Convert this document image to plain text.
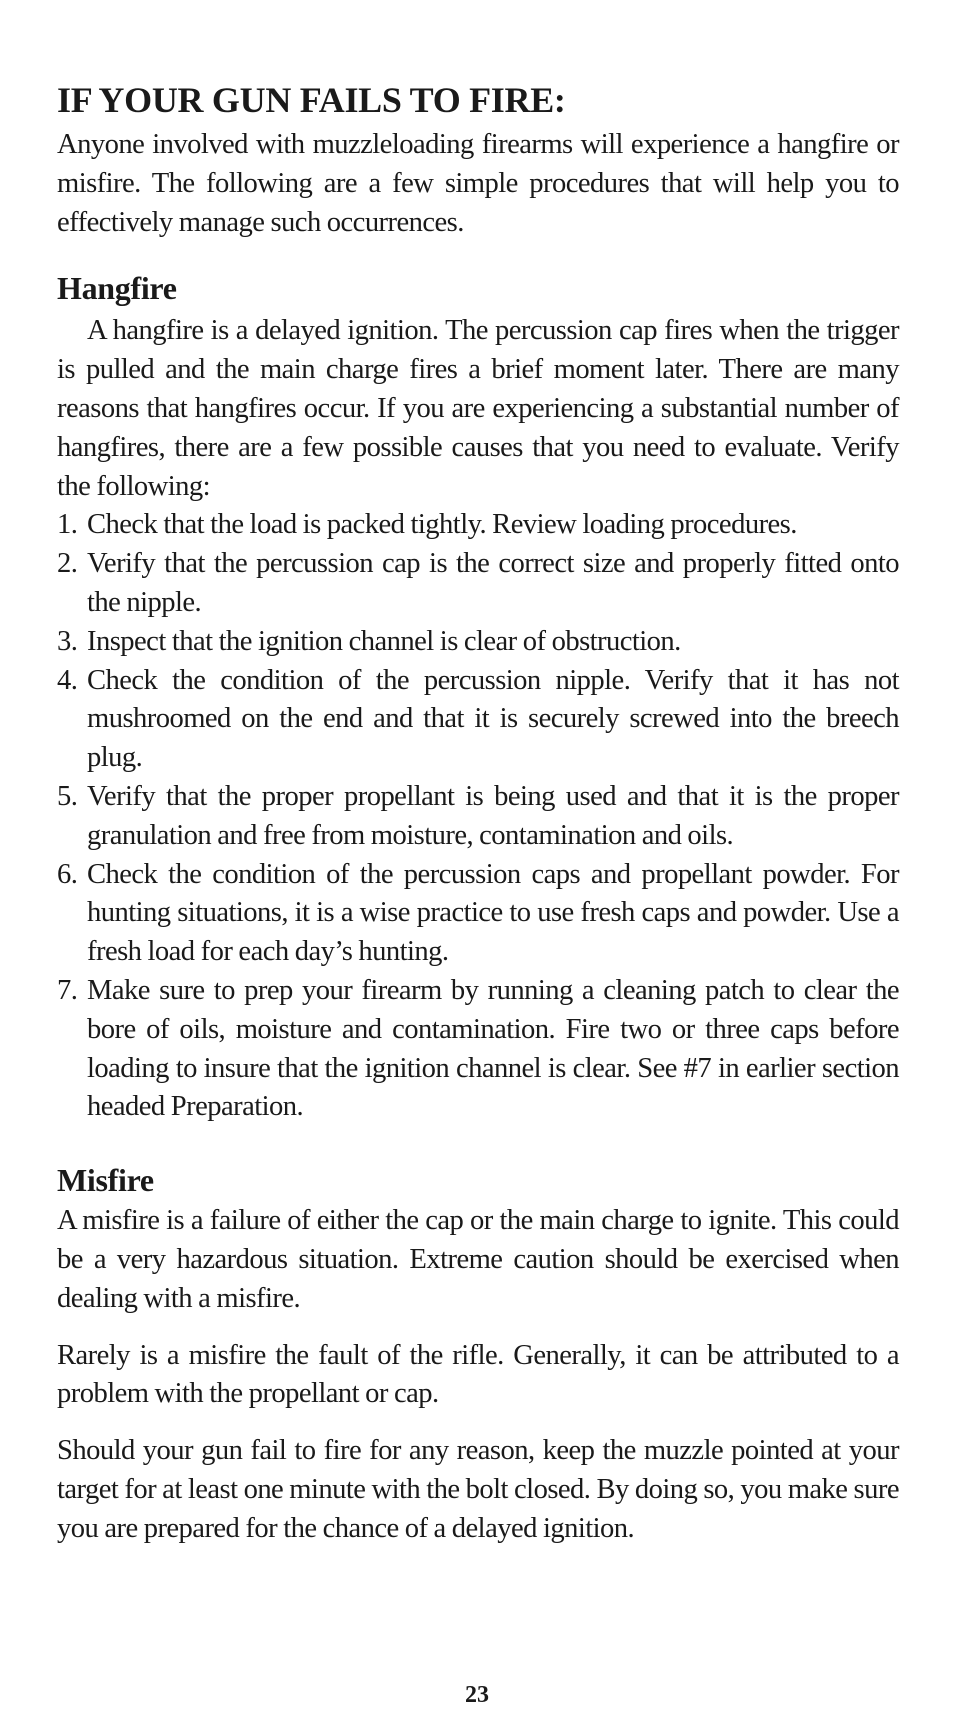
IF YOUR GUN FAILS TO FIRE:

Anyone involved with muzzleloading firearms will experience a hangfire or misfire. The following are a few simple procedures that will help you to effectively manage such occurrences.

Hangfire

A hangfire is a delayed ignition. The percussion cap fires when the trigger is pulled and the main charge fires a brief moment later. There are many reasons that hangfires occur. If you are experiencing a substantial number of hangfires, there are a few possible causes that you need to evaluate. Verify the following:

1. Check that the load is packed tightly. Review loading procedures.
2. Verify that the percussion cap is the correct size and properly fitted onto the nipple.
3. Inspect that the ignition channel is clear of obstruction.
4. Check the condition of the percussion nipple. Verify that it has not mushroomed on the end and that it is securely screwed into the breech plug.
5. Verify that the proper propellant is being used and that it is the proper granulation and free from moisture, contamination and oils.
6. Check the condition of the percussion caps and propellant powder. For hunting situations, it is a wise practice to use fresh caps and powder. Use a fresh load for each day’s hunting.
7. Make sure to prep your firearm by running a cleaning patch to clear the bore of oils, moisture and contamination. Fire two or three caps before loading to insure that the ignition channel is clear. See #7 in earlier section headed Preparation.
Misfire

A misfire is a failure of either the cap or the main charge to ignite. This could be a very hazardous situation. Extreme caution should be exercised when dealing with a misfire.

Rarely is a misfire the fault of the rifle. Generally, it can be attributed to a problem with the propellant or cap.

Should your gun fail to fire for any reason, keep the muzzle pointed at your target for at least one minute with the bolt closed. By doing so, you make sure you are prepared for the chance of a delayed ignition.

23
